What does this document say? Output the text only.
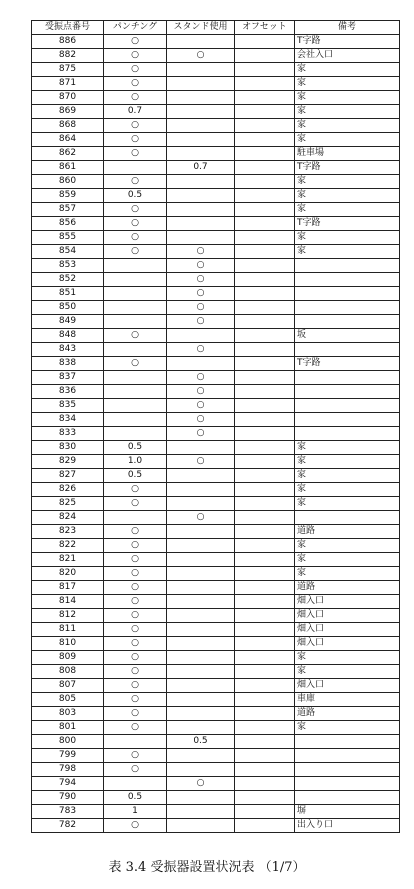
受振点番号	パンチング	スタンド使用	オフセット	備考
886	○			T字路
882	○	○		会社入口
875	○			家
871	○			家
870	○			家
869	0.7			家
868	○			家
864	○			家
862	○			駐車場
861		0.7		T字路
860	○			家
859	0.5			家
857	○			家
856	○			T字路
855	○			家
854	○	○		家
853		○		
852		○		
851		○		
850		○		
849		○		
848	○			坂
843		○		
838	○			T字路
837		○		
836		○		
835		○		
834		○		
833		○		
830	0.5			家
829	1.0	○		家
827	0.5			家
826	○			家
825	○			家
824		○		
823	○			道路
822	○			家
821	○			家
820	○			家
817	○			道路
814	○			畑入口
812	○			畑入口
811	○			畑入口
810	○			畑入口
809	○			家
808	○			家
807	○			畑入口
805	○			車庫
803	○			道路
801	○			家
800		0.5		
799	○			
798	○			
794		○		
790	0.5			
783	1			塀
782	○			出入り口
表 3.4 受振器設置状況表 （1/7）
